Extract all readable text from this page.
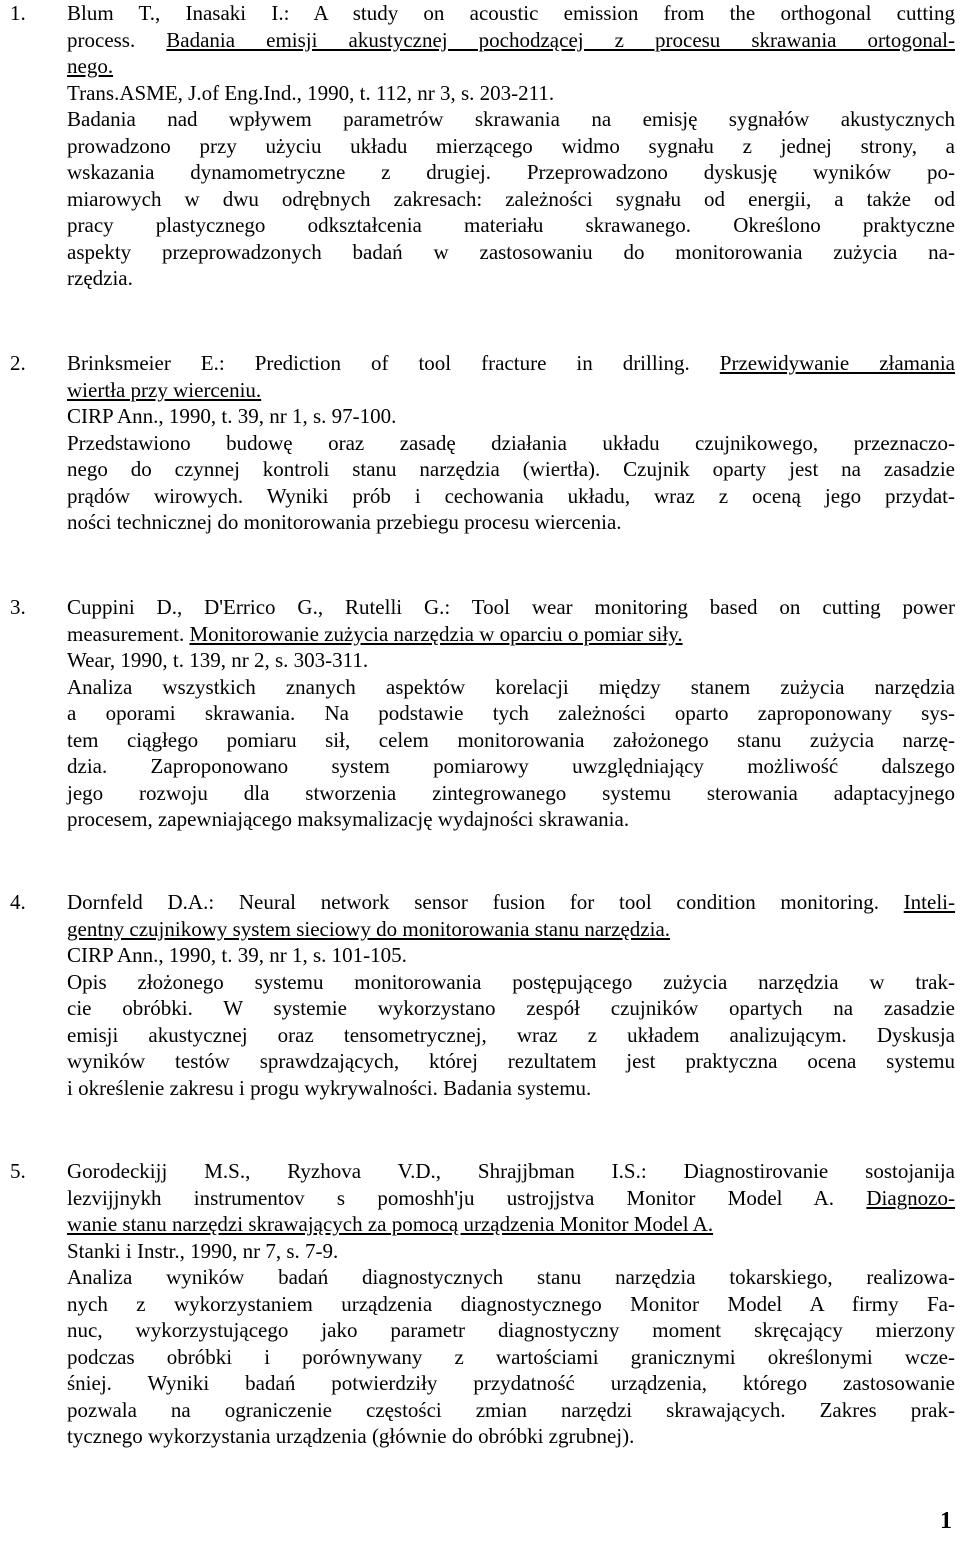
1. Blum T., Inasaki I.: A study on acoustic emission from the orthogonal cutting
process. Badania emisji akustycznej pochodzącej z procesu skrawania ortogonal-
nego.
Trans.ASME, J.of Eng.Ind., 1990, t. 112, nr 3, s. 203-211.
Badania nad wpływem parametrów skrawania na emisję sygnałów akustycznych
prowadzono przy użyciu układu mierzącego widmo sygnału z jednej strony, a
wskazania dynamometryczne z drugiej. Przeprowadzono dyskusję wyników po-
miarowych w dwu odrębnych zakresach: zależności sygnału od energii, a także od
pracy plastycznego odkształcenia materiału skrawanego. Określono praktyczne
aspekty przeprowadzonych badań w zastosowaniu do monitorowania zużycia na-
rzędzia.
2. Brinksmeier E.: Prediction of tool fracture in drilling. Przewidywanie złamania
wiertła przy wierceniu.
CIRP Ann., 1990, t. 39, nr 1, s. 97-100.
Przedstawiono budowę oraz zasadę działania układu czujnikowego, przeznaczo-
nego do czynnej kontroli stanu narzędzia (wiertła). Czujnik oparty jest na zasadzie
prądów wirowych. Wyniki prób i cechowania układu, wraz z oceną jego przydat-
ności technicznej do monitorowania przebiegu procesu wiercenia.
3. Cuppini D., D'Errico G., Rutelli G.: Tool wear monitoring based on cutting power
measurement. Monitorowanie zużycia narzędzia w oparciu o pomiar siły.
Wear, 1990, t. 139, nr 2, s. 303-311.
Analiza wszystkich znanych aspektów korelacji między stanem zużycia narzędzia
a oporami skrawania. Na podstawie tych zależności oparto zaproponowany sys-
tem ciągłego pomiaru sił, celem monitorowania założonego stanu zużycia narzę-
dzia. Zaproponowano system pomiarowy uwzględniający możliwość dalszego
jego rozwoju dla stworzenia zintegrowanego systemu sterowania adaptacyjnego
procesem, zapewniającego maksymalizację wydajności skrawania.
4. Dornfeld D.A.: Neural network sensor fusion for tool condition monitoring. Inteli-
gentny czujnikowy system sieciowy do monitorowania stanu narzędzia.
CIRP Ann., 1990, t. 39, nr 1, s. 101-105.
Opis złożonego systemu monitorowania postępującego zużycia narzędzia w trak-
cie obróbki. W systemie wykorzystano zespół czujników opartych na zasadzie
emisji akustycznej oraz tensometrycznej, wraz z układem analizującym. Dyskusja
wyników testów sprawdzających, której rezultatem jest praktyczna ocena systemu
i określenie zakresu i progu wykrywalności. Badania systemu.
5. Gorodeckijj M.S., Ryzhova V.D., Shrajjbman I.S.: Diagnostirovanie sostojanija
lezvijjnykh instrumentov s pomoshh'ju ustrojjstva Monitor Model A. Diagnozo-
wanie stanu narzędzi skrawających za pomocą urządzenia Monitor Model A.
Stanki i Instr., 1990, nr 7, s. 7-9.
Analiza wyników badań diagnostycznych stanu narzędzia tokarskiego, realizowa-
nych z wykorzystaniem urządzenia diagnostycznego Monitor Model A firmy Fa-
nuc, wykorzystującego jako parametr diagnostyczny moment skręcający mierzony
podczas obróbki i porównywany z wartościami granicznymi określonymi wcze-
śniej. Wyniki badań potwierdziły przydatność urządzenia, którego zastosowanie
pozwala na ograniczenie częstości zmian narzędzi skrawających. Zakres prak-
tycznego wykorzystania urządzenia (głównie do obróbki zgrubnej).
1
